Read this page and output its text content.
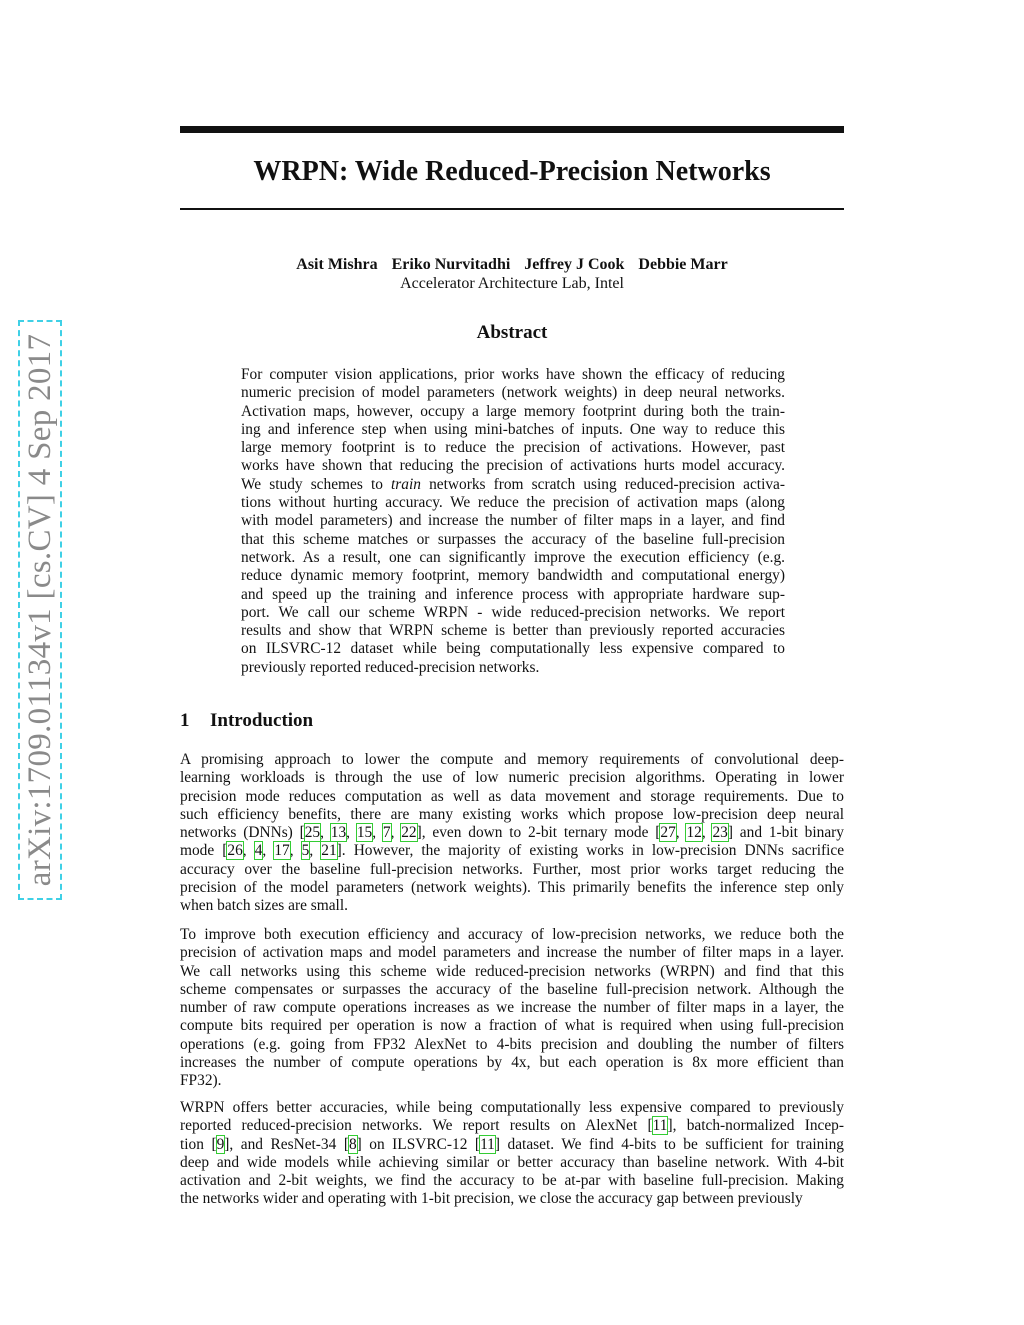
arXiv:1709.01134v1 [cs.CV] 4 Sep 2017
WRPN: Wide Reduced-Precision Networks
Asit Mishra Eriko Nurvitadhi Jeffrey J Cook Debbie Marr
Accelerator Architecture Lab, Intel
Abstract
For computer vision applications, prior works have shown the efficacy of reducing
numeric precision of model parameters (network weights) in deep neural networks.
Activation maps, however, occupy a large memory footprint during both the train-
ing and inference step when using mini-batches of inputs. One way to reduce this
large memory footprint is to reduce the precision of activations. However, past
works have shown that reducing the precision of activations hurts model accuracy.
We study schemes to train networks from scratch using reduced-precision activa-
tions without hurting accuracy. We reduce the precision of activation maps (along
with model parameters) and increase the number of filter maps in a layer, and find
that this scheme matches or surpasses the accuracy of the baseline full-precision
network. As a result, one can significantly improve the execution efficiency (e.g.
reduce dynamic memory footprint, memory bandwidth and computational energy)
and speed up the training and inference process with appropriate hardware sup-
port. We call our scheme WRPN - wide reduced-precision networks. We report
results and show that WRPN scheme is better than previously reported accuracies
on ILSVRC-12 dataset while being computationally less expensive compared to
previously reported reduced-precision networks.
1 Introduction
A promising approach to lower the compute and memory requirements of convolutional deep-
learning workloads is through the use of low numeric precision algorithms. Operating in lower
precision mode reduces computation as well as data movement and storage requirements. Due to
such efficiency benefits, there are many existing works which propose low-precision deep neural
networks (DNNs) [25, 13, 15, 7, 22], even down to 2-bit ternary mode [27, 12, 23] and 1-bit binary
mode [26, 4, 17, 5, 21]. However, the majority of existing works in low-precision DNNs sacrifice
accuracy over the baseline full-precision networks. Further, most prior works target reducing the
precision of the model parameters (network weights). This primarily benefits the inference step only
when batch sizes are small.
To improve both execution efficiency and accuracy of low-precision networks, we reduce both the
precision of activation maps and model parameters and increase the number of filter maps in a layer.
We call networks using this scheme wide reduced-precision networks (WRPN) and find that this
scheme compensates or surpasses the accuracy of the baseline full-precision network. Although the
number of raw compute operations increases as we increase the number of filter maps in a layer, the
compute bits required per operation is now a fraction of what is required when using full-precision
operations (e.g. going from FP32 AlexNet to 4-bits precision and doubling the number of filters
increases the number of compute operations by 4x, but each operation is 8x more efficient than
FP32).
WRPN offers better accuracies, while being computationally less expensive compared to previously
reported reduced-precision networks. We report results on AlexNet [11], batch-normalized Incep-
tion [9], and ResNet-34 [8] on ILSVRC-12 [11] dataset. We find 4-bits to be sufficient for training
deep and wide models while achieving similar or better accuracy than baseline network. With 4-bit
activation and 2-bit weights, we find the accuracy to be at-par with baseline full-precision. Making
the networks wider and operating with 1-bit precision, we close the accuracy gap between previously
